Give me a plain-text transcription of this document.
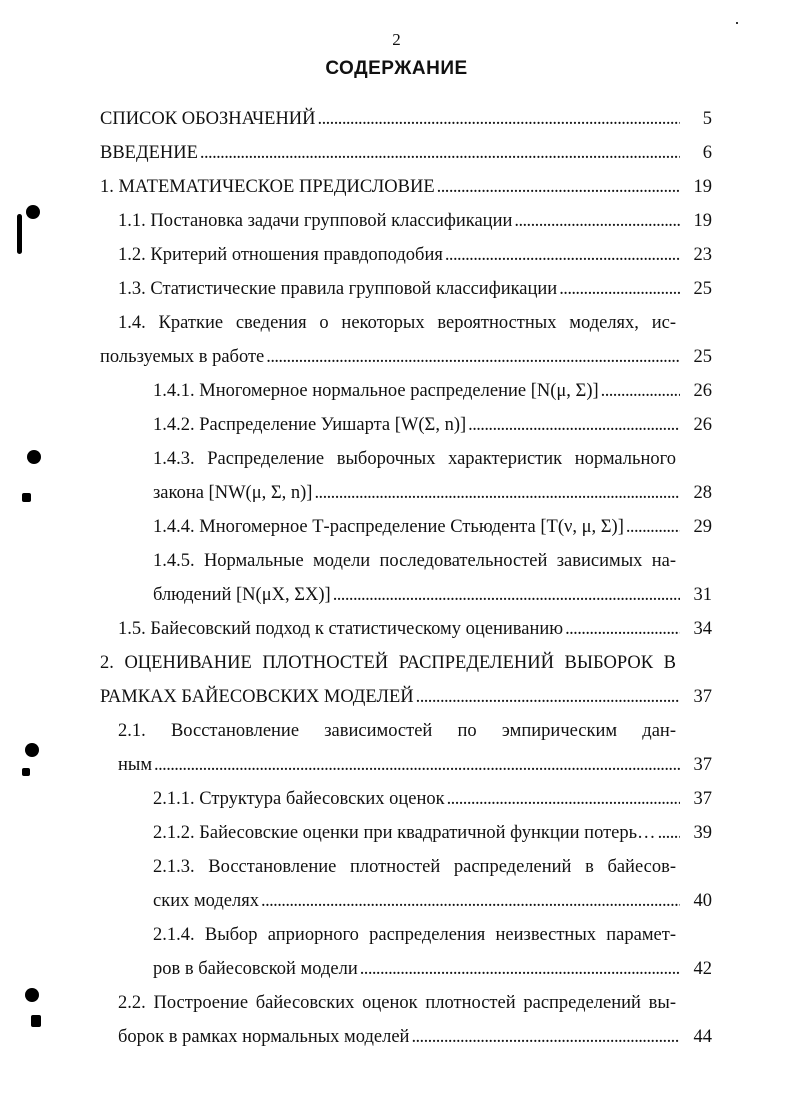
2
СОДЕРЖАНИЕ
СПИСОК ОБОЗНАЧЕНИЙ . . .	5
ВВЕДЕНИЕ . . .	6
1. МАТЕМАТИЧЕСКОЕ ПРЕДИСЛОВИЕ . . .	19
1.1. Постановка задачи групповой классификации . . .	19
1.2. Критерий отношения правдоподобия . . .	23
1.3. Статистические правила групповой классификации . . .	25
1.4. Краткие сведения о некоторых вероятностных моделях, ис-
пользуемых в работе . . .	25
1.4.1. Многомерное нормальное распределение [N(μ, Σ)] . . .	26
1.4.2. Распределение Уишарта [W(Σ, n)] . . .	26
1.4.3. Распределение выборочных характеристик нормального
закона [NW(μ, Σ, n)] . . .	28
1.4.4. Многомерное Т-распределение Стьюдента [T(ν, μ, Σ)] . . .	29
1.4.5. Нормальные модели последовательностей зависимых на-
блюдений [N(μX, ΣX)] . . .	31
1.5. Байесовский подход к статистическому оцениванию . . .	34
2. ОЦЕНИВАНИЕ ПЛОТНОСТЕЙ РАСПРЕДЕЛЕНИЙ ВЫБОРОК В
РАМКАХ БАЙЕСОВСКИХ МОДЕЛЕЙ . . .	37
2.1. Восстановление зависимостей по эмпирическим дан-
ным . . .	37
2.1.1. Структура байесовских оценок . . .	37
2.1.2. Байесовские оценки при квадратичной функции потерь… . . .	39
2.1.3. Восстановление плотностей распределений в байесов-
ских моделях . . .	40
2.1.4. Выбор априорного распределения неизвестных парамет-
ров в байесовской модели . . .	42
2.2. Построение байесовских оценок плотностей распределений вы-
борок в рамках нормальных моделей . . .	44
